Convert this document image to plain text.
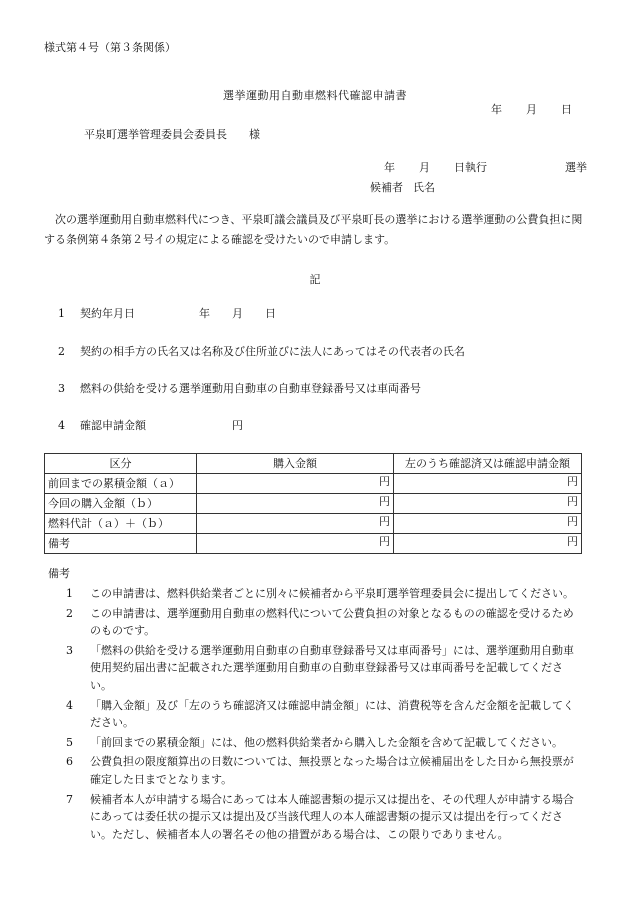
様式第４号（第３条関係）
選挙運動用自動車燃料代確認申請書
年 月 日
平泉町選挙管理委員会委員長 様
年 月 日執行	選挙
候補者 氏名
次の選挙運動用自動車燃料代につき、平泉町議会議員及び平泉町長の選挙における選挙運動の公費負担に関する条例第４条第２号イの規定による確認を受けたいので申請します。
記
1 契約年月日	年 月 日
2 契約の相手方の氏名又は名称及び住所並びに法人にあってはその代表者の氏名
3 燃料の供給を受ける選挙運動用自動車の自動車登録番号又は車両番号
4 確認申請金額	円
区分	購入金額	左のうち確認済又は確認申請金額
前回までの累積金額（ａ）	円	円
今回の購入金額（ｂ）	円	円
燃料代計（ａ）＋（ｂ）	円	円
備考	円	円
備考
1	この申請書は、燃料供給業者ごとに別々に候補者から平泉町選挙管理委員会に提出してください。
2	この申請書は、選挙運動用自動車の燃料代について公費負担の対象となるものの確認を受けるためのものです。
3	「燃料の供給を受ける選挙運動用自動車の自動車登録番号又は車両番号」には、選挙運動用自動車使用契約届出書に記載された選挙運動用自動車の自動車登録番号又は車両番号を記載してください。
4	「購入金額」及び「左のうち確認済又は確認申請金額」には、消費税等を含んだ金額を記載してください。
5	「前回までの累積金額」には、他の燃料供給業者から購入した金額を含めて記載してください。
6	公費負担の限度額算出の日数については、無投票となった場合は立候補届出をした日から無投票が確定した日までとなります。
7	候補者本人が申請する場合にあっては本人確認書類の提示又は提出を、その代理人が申請する場合にあっては委任状の提示又は提出及び当該代理人の本人確認書類の提示又は提出を行ってください。ただし、候補者本人の署名その他の措置がある場合は、この限りでありません。
